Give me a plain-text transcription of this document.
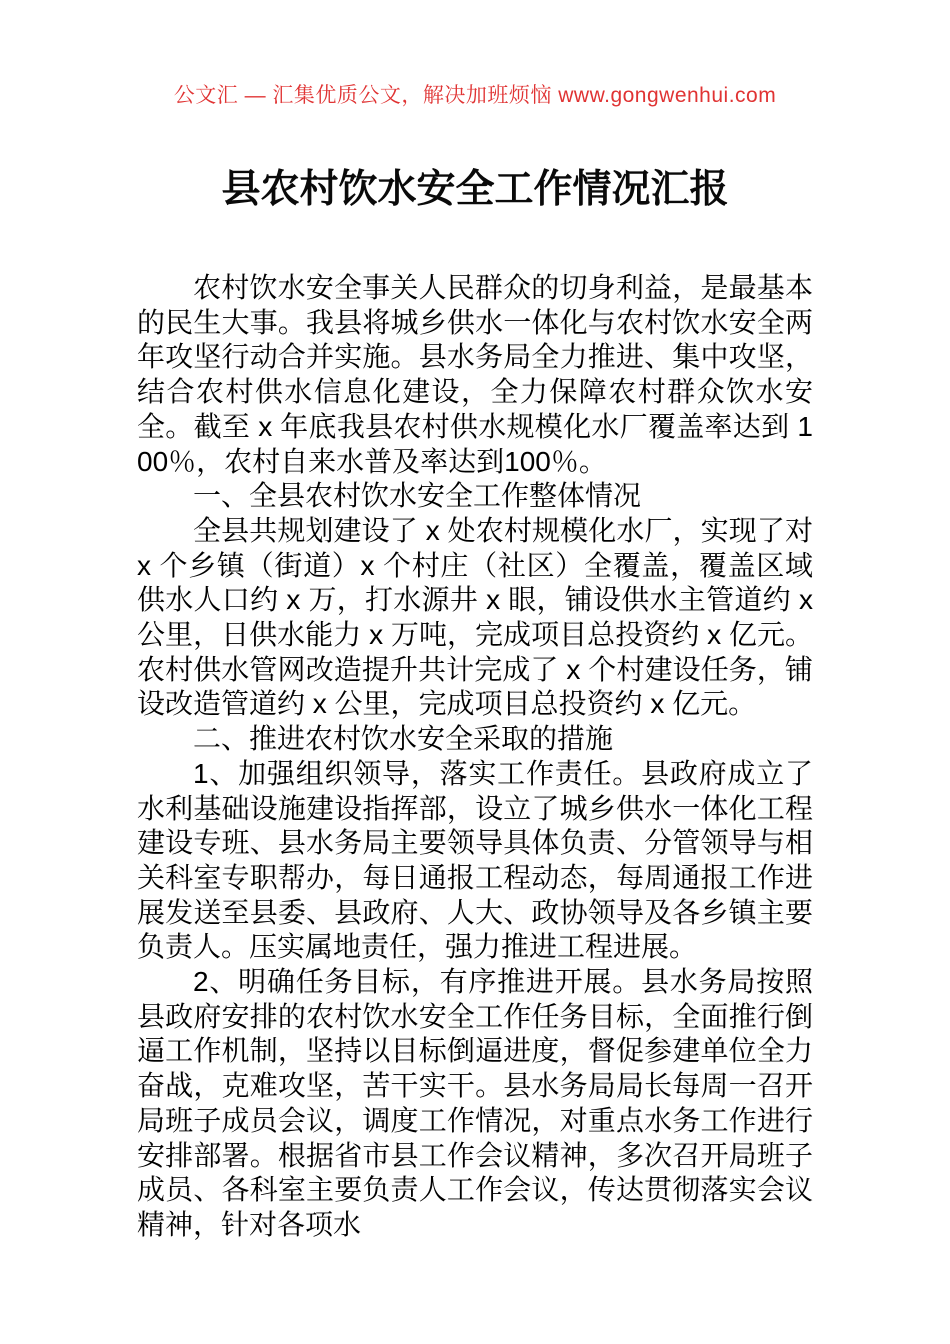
公文汇 — 汇集优质公文，解决加班烦恼 www.gongwenhui.com
县农村饮水安全工作情况汇报

农村饮水安全事关人民群众的切身利益，是最基本的民生大事。我县将城乡供水一体化与农村饮水安全两年攻坚行动合并实施。县水务局全力推进、集中攻坚，结合农村供水信息化建设，全力保障农村群众饮水安全。截至 x 年底我县农村供水规模化水厂覆盖率达到 100％，农村自来水普及率达到100％。

一、全县农村饮水安全工作整体情况

全县共规划建设了 x 处农村规模化水厂，实现了对 x 个乡镇（街道）x 个村庄（社区）全覆盖，覆盖区域供水人口约 x 万，打水源井 x 眼，铺设供水主管道约 x 公里，日供水能力 x 万吨，完成项目总投资约 x 亿元。农村供水管网改造提升共计完成了 x 个村建设任务，铺设改造管道约 x 公里，完成项目总投资约 x 亿元。

二、推进农村饮水安全采取的措施

1、加强组织领导，落实工作责任。县政府成立了水利基础设施建设指挥部，设立了城乡供水一体化工程建设专班、县水务局主要领导具体负责、分管领导与相关科室专职帮办，每日通报工程动态，每周通报工作进展发送至县委、县政府、人大、政协领导及各乡镇主要负责人。压实属地责任，强力推进工程进展。

2、明确任务目标，有序推进开展。县水务局按照县政府安排的农村饮水安全工作任务目标，全面推行倒逼工作机制，坚持以目标倒逼进度，督促参建单位全力奋战，克难攻坚，苦干实干。县水务局局长每周一召开局班子成员会议，调度工作情况，对重点水务工作进行安排部署。根据省市县工作会议精神，多次召开局班子成员、各科室主要负责人工作会议，传达贯彻落实会议精神，针对各项水
